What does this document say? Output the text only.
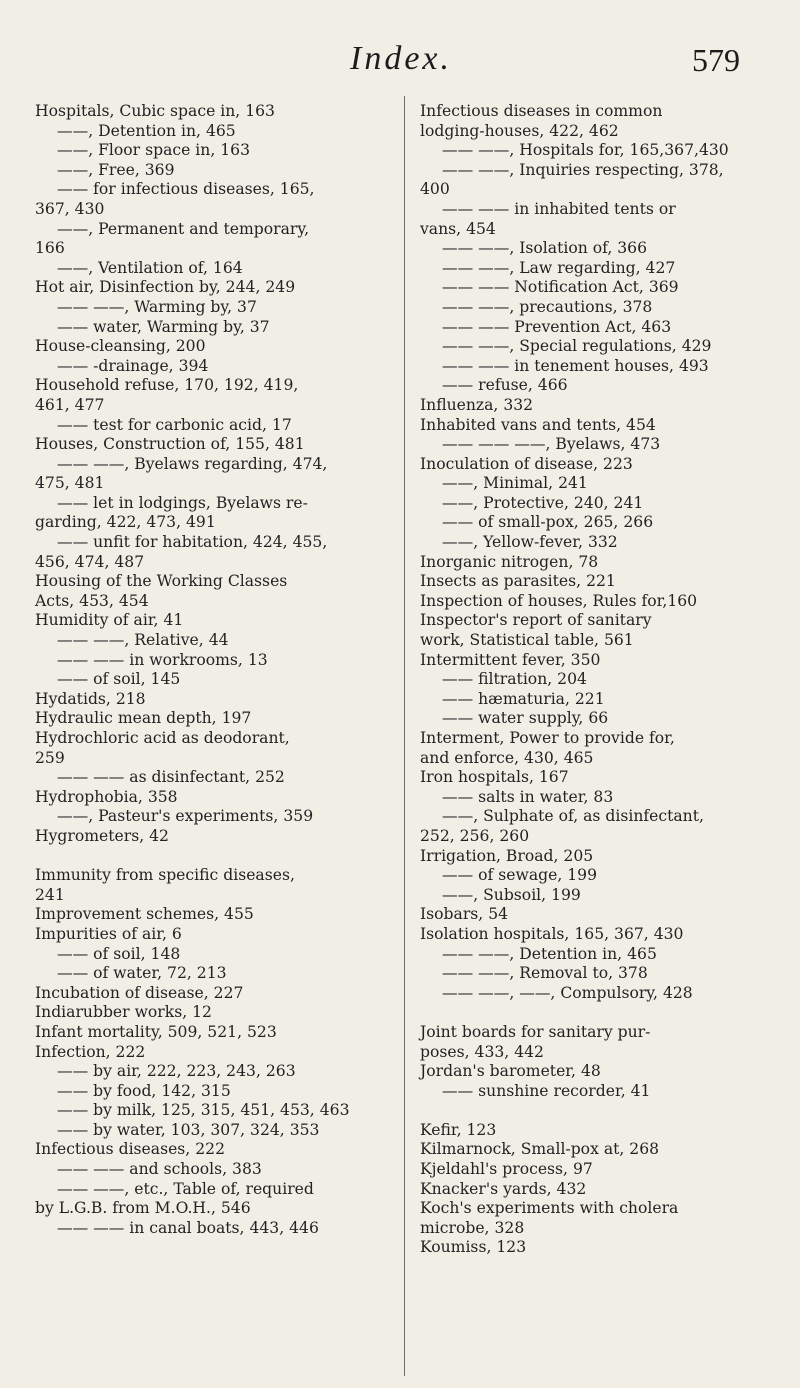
Index.	579
Hospitals, Cubic space in, 163
——, Detention in, 465
——, Floor space in, 163
——, Free, 369
—— for infectious diseases, 165,
367, 430
——, Permanent and temporary,
166
——, Ventilation of, 164
Hot air, Disinfection by, 244, 249
—— ——, Warming by, 37
—— water, Warming by, 37
House-cleansing, 200
—— -drainage, 394
Household refuse, 170, 192, 419,
461, 477
—— test for carbonic acid, 17
Houses, Construction of, 155, 481
—— ——, Byelaws regarding, 474,
475, 481
—— let in lodgings, Byelaws re-
garding, 422, 473, 491
—— unfit for habitation, 424, 455,
456, 474, 487
Housing of the Working Classes
Acts, 453, 454
Humidity of air, 41
—— ——, Relative, 44
—— —— in workrooms, 13
—— of soil, 145
Hydatids, 218
Hydraulic mean depth, 197
Hydrochloric acid as deodorant,
259
—— —— as disinfectant, 252
Hydrophobia, 358
——, Pasteur's experiments, 359
Hygrometers, 42
Immunity from specific diseases,
241
Improvement schemes, 455
Impurities of air, 6
—— of soil, 148
—— of water, 72, 213
Incubation of disease, 227
Indiarubber works, 12
Infant mortality, 509, 521, 523
Infection, 222
—— by air, 222, 223, 243, 263
—— by food, 142, 315
—— by milk, 125, 315, 451, 453, 463
—— by water, 103, 307, 324, 353
Infectious diseases, 222
—— —— and schools, 383
—— ——, etc., Table of, required
by L.G.B. from M.O.H., 546
—— —— in canal boats, 443, 446
Infectious diseases in common
lodging-houses, 422, 462
—— ——, Hospitals for, 165,367,430
—— ——, Inquiries respecting, 378,
400
—— —— in inhabited tents or
vans, 454
—— ——, Isolation of, 366
—— ——, Law regarding, 427
—— —— Notification Act, 369
—— ——, precautions, 378
—— —— Prevention Act, 463
—— ——, Special regulations, 429
—— —— in tenement houses, 493
—— refuse, 466
Influenza, 332
Inhabited vans and tents, 454
—— —— ——, Byelaws, 473
Inoculation of disease, 223
——, Minimal, 241
——, Protective, 240, 241
—— of small-pox, 265, 266
——, Yellow-fever, 332
Inorganic nitrogen, 78
Insects as parasites, 221
Inspection of houses, Rules for,160
Inspector's report of sanitary
work, Statistical table, 561
Intermittent fever, 350
—— filtration, 204
—— hæmaturia, 221
—— water supply, 66
Interment, Power to provide for,
and enforce, 430, 465
Iron hospitals, 167
—— salts in water, 83
——, Sulphate of, as disinfectant,
252, 256, 260
Irrigation, Broad, 205
—— of sewage, 199
——, Subsoil, 199
Isobars, 54
Isolation hospitals, 165, 367, 430
—— ——, Detention in, 465
—— ——, Removal to, 378
—— ——, ——, Compulsory, 428
Joint boards for sanitary pur-
poses, 433, 442
Jordan's barometer, 48
—— sunshine recorder, 41
Kefir, 123
Kilmarnock, Small-pox at, 268
Kjeldahl's process, 97
Knacker's yards, 432
Koch's experiments with cholera
microbe, 328
Koumiss, 123
